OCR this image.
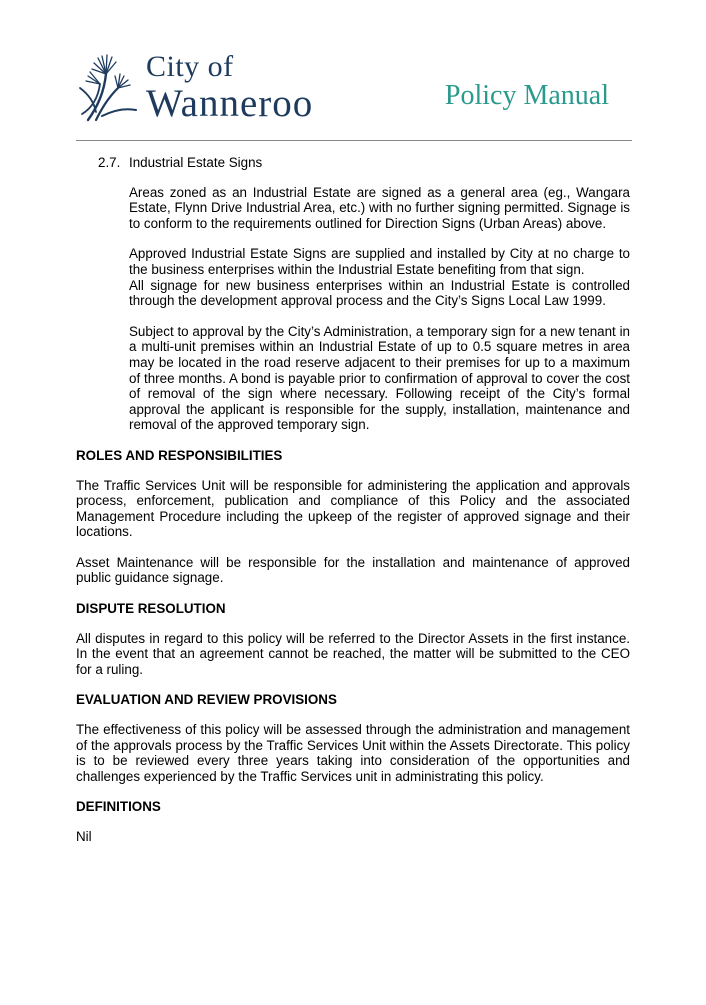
City of
Wanneroo	Policy Manual
2.7. Industrial Estate Signs

Areas zoned as an Industrial Estate are signed as a general area (eg., Wangara Estate, Flynn Drive Industrial Area, etc.) with no further signing permitted. Signage is to conform to the requirements outlined for Direction Signs (Urban Areas) above.

Approved Industrial Estate Signs are supplied and installed by City at no charge to the business enterprises within the Industrial Estate benefiting from that sign.

All signage for new business enterprises within an Industrial Estate is controlled through the development approval process and the City’s Signs Local Law 1999.

Subject to approval by the City’s Administration, a temporary sign for a new tenant in a multi-unit premises within an Industrial Estate of up to 0.5 square metres in area may be located in the road reserve adjacent to their premises for up to a maximum of three months. A bond is payable prior to confirmation of approval to cover the cost of removal of the sign where necessary. Following receipt of the City’s formal approval the applicant is responsible for the supply, installation, maintenance and removal of the approved temporary sign.

ROLES AND RESPONSIBILITIES

The Traffic Services Unit will be responsible for administering the application and approvals process, enforcement, publication and compliance of this Policy and the associated Management Procedure including the upkeep of the register of approved signage and their locations.

Asset Maintenance will be responsible for the installation and maintenance of approved public guidance signage.

DISPUTE RESOLUTION

All disputes in regard to this policy will be referred to the Director Assets in the first instance. In the event that an agreement cannot be reached, the matter will be submitted to the CEO for a ruling.

EVALUATION AND REVIEW PROVISIONS

The effectiveness of this policy will be assessed through the administration and management of the approvals process by the Traffic Services Unit within the Assets Directorate. This policy is to be reviewed every three years taking into consideration of the opportunities and challenges experienced by the Traffic Services unit in administrating this policy.

DEFINITIONS

Nil
